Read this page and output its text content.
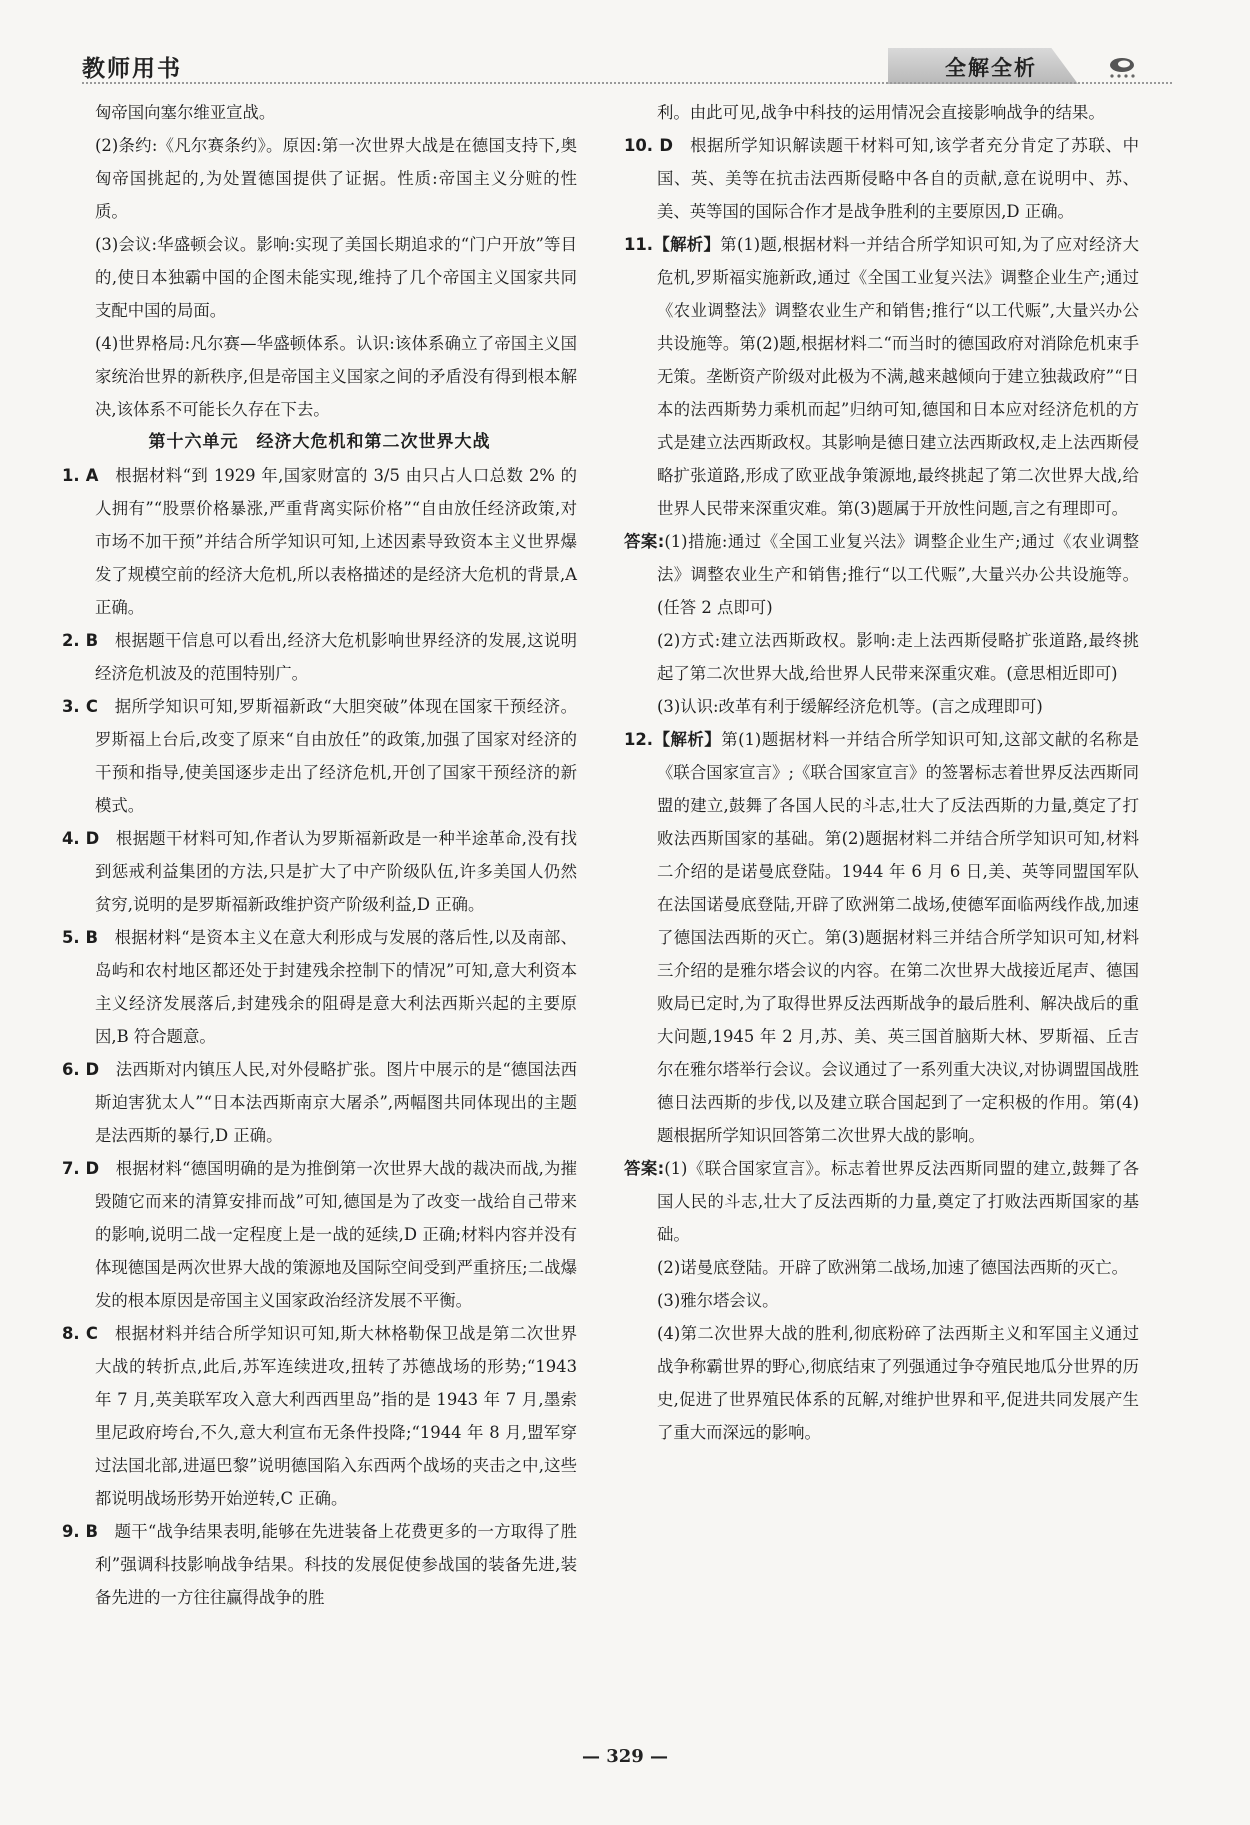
教师用书	全解全析

匈帝国向塞尔维亚宣战。

(2)条约:《凡尔赛条约》。原因:第一次世界大战是在德国支持下,奥匈帝国挑起的,为处置德国提供了证据。性质:帝国主义分赃的性质。

(3)会议:华盛顿会议。影响:实现了美国长期追求的“门户开放”等目的,使日本独霸中国的企图未能实现,维持了几个帝国主义国家共同支配中国的局面。

(4)世界格局:凡尔赛—华盛顿体系。认识:该体系确立了帝国主义国家统治世界的新秩序,但是帝国主义国家之间的矛盾没有得到根本解决,该体系不可能长久存在下去。

第十六单元　经济大危机和第二次世界大战

1. A  根据材料“到 1929 年,国家财富的 3/5 由只占人口总数 2% 的人拥有”“股票价格暴涨,严重背离实际价格”“自由放任经济政策,对市场不加干预”并结合所学知识可知,上述因素导致资本主义世界爆发了规模空前的经济大危机,所以表格描述的是经济大危机的背景,A 正确。

2. B  根据题干信息可以看出,经济大危机影响世界经济的发展,这说明经济危机波及的范围特别广。

3. C  据所学知识可知,罗斯福新政“大胆突破”体现在国家干预经济。罗斯福上台后,改变了原来“自由放任”的政策,加强了国家对经济的干预和指导,使美国逐步走出了经济危机,开创了国家干预经济的新模式。

4. D  根据题干材料可知,作者认为罗斯福新政是一种半途革命,没有找到惩戒利益集团的方法,只是扩大了中产阶级队伍,许多美国人仍然贫穷,说明的是罗斯福新政维护资产阶级利益,D 正确。

5. B  根据材料“是资本主义在意大利形成与发展的落后性,以及南部、岛屿和农村地区都还处于封建残余控制下的情况”可知,意大利资本主义经济发展落后,封建残余的阻碍是意大利法西斯兴起的主要原因,B 符合题意。

6. D  法西斯对内镇压人民,对外侵略扩张。图片中展示的是“德国法西斯迫害犹太人”“日本法西斯南京大屠杀”,两幅图共同体现出的主题是法西斯的暴行,D 正确。

7. D  根据材料“德国明确的是为推倒第一次世界大战的裁决而战,为摧毁随它而来的清算安排而战”可知,德国是为了改变一战给自己带来的影响,说明二战一定程度上是一战的延续,D 正确;材料内容并没有体现德国是两次世界大战的策源地及国际空间受到严重挤压;二战爆发的根本原因是帝国主义国家政治经济发展不平衡。

8. C  根据材料并结合所学知识可知,斯大林格勒保卫战是第二次世界大战的转折点,此后,苏军连续进攻,扭转了苏德战场的形势;“1943 年 7 月,英美联军攻入意大利西西里岛”指的是 1943 年 7 月,墨索里尼政府垮台,不久,意大利宣布无条件投降;“1944 年 8 月,盟军穿过法国北部,进逼巴黎”说明德国陷入东西两个战场的夹击之中,这些都说明战场形势开始逆转,C 正确。

9. B  题干“战争结果表明,能够在先进装备上花费更多的一方取得了胜利”强调科技影响战争结果。科技的发展促使参战国的装备先进,装备先进的一方往往赢得战争的胜

利。由此可见,战争中科技的运用情况会直接影响战争的结果。

10. D  根据所学知识解读题干材料可知,该学者充分肯定了苏联、中国、英、美等在抗击法西斯侵略中各自的贡献,意在说明中、苏、美、英等国的国际合作才是战争胜利的主要原因,D 正确。

11.【解析】第(1)题,根据材料一并结合所学知识可知,为了应对经济大危机,罗斯福实施新政,通过《全国工业复兴法》调整企业生产;通过《农业调整法》调整农业生产和销售;推行“以工代赈”,大量兴办公共设施等。第(2)题,根据材料二“而当时的德国政府对消除危机束手无策。垄断资产阶级对此极为不满,越来越倾向于建立独裁政府”“日本的法西斯势力乘机而起”归纳可知,德国和日本应对经济危机的方式是建立法西斯政权。其影响是德日建立法西斯政权,走上法西斯侵略扩张道路,形成了欧亚战争策源地,最终挑起了第二次世界大战,给世界人民带来深重灾难。第(3)题属于开放性问题,言之有理即可。

答案:(1)措施:通过《全国工业复兴法》调整企业生产;通过《农业调整法》调整农业生产和销售;推行“以工代赈”,大量兴办公共设施等。(任答 2 点即可)

(2)方式:建立法西斯政权。影响:走上法西斯侵略扩张道路,最终挑起了第二次世界大战,给世界人民带来深重灾难。(意思相近即可)

(3)认识:改革有利于缓解经济危机等。(言之成理即可)

12.【解析】第(1)题据材料一并结合所学知识可知,这部文献的名称是《联合国家宣言》;《联合国家宣言》的签署标志着世界反法西斯同盟的建立,鼓舞了各国人民的斗志,壮大了反法西斯的力量,奠定了打败法西斯国家的基础。第(2)题据材料二并结合所学知识可知,材料二介绍的是诺曼底登陆。1944 年 6 月 6 日,美、英等同盟国军队在法国诺曼底登陆,开辟了欧洲第二战场,使德军面临两线作战,加速了德国法西斯的灭亡。第(3)题据材料三并结合所学知识可知,材料三介绍的是雅尔塔会议的内容。在第二次世界大战接近尾声、德国败局已定时,为了取得世界反法西斯战争的最后胜利、解决战后的重大问题,1945 年 2 月,苏、美、英三国首脑斯大林、罗斯福、丘吉尔在雅尔塔举行会议。会议通过了一系列重大决议,对协调盟国战胜德日法西斯的步伐,以及建立联合国起到了一定积极的作用。第(4)题根据所学知识回答第二次世界大战的影响。

答案:(1)《联合国家宣言》。标志着世界反法西斯同盟的建立,鼓舞了各国人民的斗志,壮大了反法西斯的力量,奠定了打败法西斯国家的基础。

(2)诺曼底登陆。开辟了欧洲第二战场,加速了德国法西斯的灭亡。

(3)雅尔塔会议。

(4)第二次世界大战的胜利,彻底粉碎了法西斯主义和军国主义通过战争称霸世界的野心,彻底结束了列强通过争夺殖民地瓜分世界的历史,促进了世界殖民体系的瓦解,对维护世界和平,促进共同发展产生了重大而深远的影响。

— 329 —
